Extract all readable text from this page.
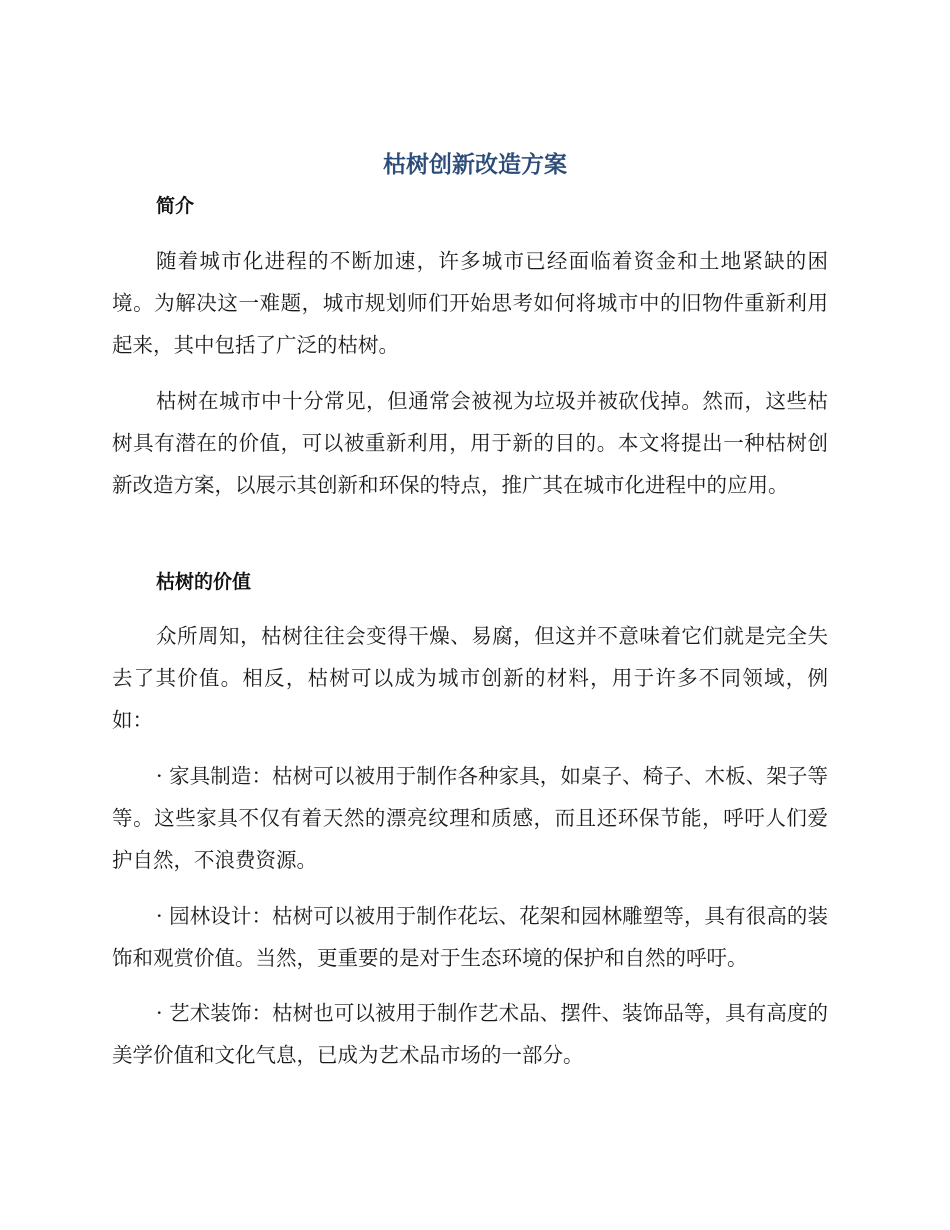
枯树创新改造方案
简介

随着城市化进程的不断加速，许多城市已经面临着资金和土地紧缺的困境。为解决这一难题，城市规划师们开始思考如何将城市中的旧物件重新利用起来，其中包括了广泛的枯树。

枯树在城市中十分常见，但通常会被视为垃圾并被砍伐掉。然而，这些枯树具有潜在的价值，可以被重新利用，用于新的目的。本文将提出一种枯树创新改造方案，以展示其创新和环保的特点，推广其在城市化进程中的应用。

枯树的价值

众所周知，枯树往往会变得干燥、易腐，但这并不意味着它们就是完全失去了其价值。相反，枯树可以成为城市创新的材料，用于许多不同领域，例如：

· 家具制造：枯树可以被用于制作各种家具，如桌子、椅子、木板、架子等等。这些家具不仅有着天然的漂亮纹理和质感，而且还环保节能，呼吁人们爱护自然，不浪费资源。

· 园林设计：枯树可以被用于制作花坛、花架和园林雕塑等，具有很高的装饰和观赏价值。当然，更重要的是对于生态环境的保护和自然的呼吁。

· 艺术装饰：枯树也可以被用于制作艺术品、摆件、装饰品等，具有高度的美学价值和文化气息，已成为艺术品市场的一部分。
